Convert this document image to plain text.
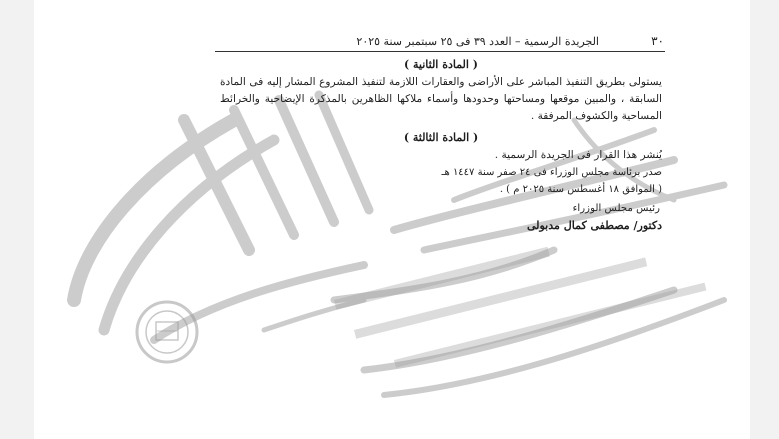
٣٠
الجريدة الرسمية – العدد ٣٩ فى ٢٥ سبتمبر سنة ٢٠٢٥
( المادة الثانية )

يستولى بطريق التنفيذ المباشر على الأراضى والعقارات اللازمة لتنفيذ المشروع المشار إليه فى المادة السابقة ، والمبين موقعها ومساحتها وحدودها وأسماء ملاكها الظاهرين بالمذكرة الإيضاحية والخرائط المساحية والكشوف المرفقة .

( المادة الثالثة )

يُنشر هذا القرار فى الجريدة الرسمية .

صدر برئاسة مجلس الوزراء فى ٢٤ صفر سنة ١٤٤٧ هـ

( الموافق ١٨ أغسطس سنة ٢٠٢٥ م ) .

رئيس مجلس الوزراء

دكتور/ مصطفى كمال مدبولى
